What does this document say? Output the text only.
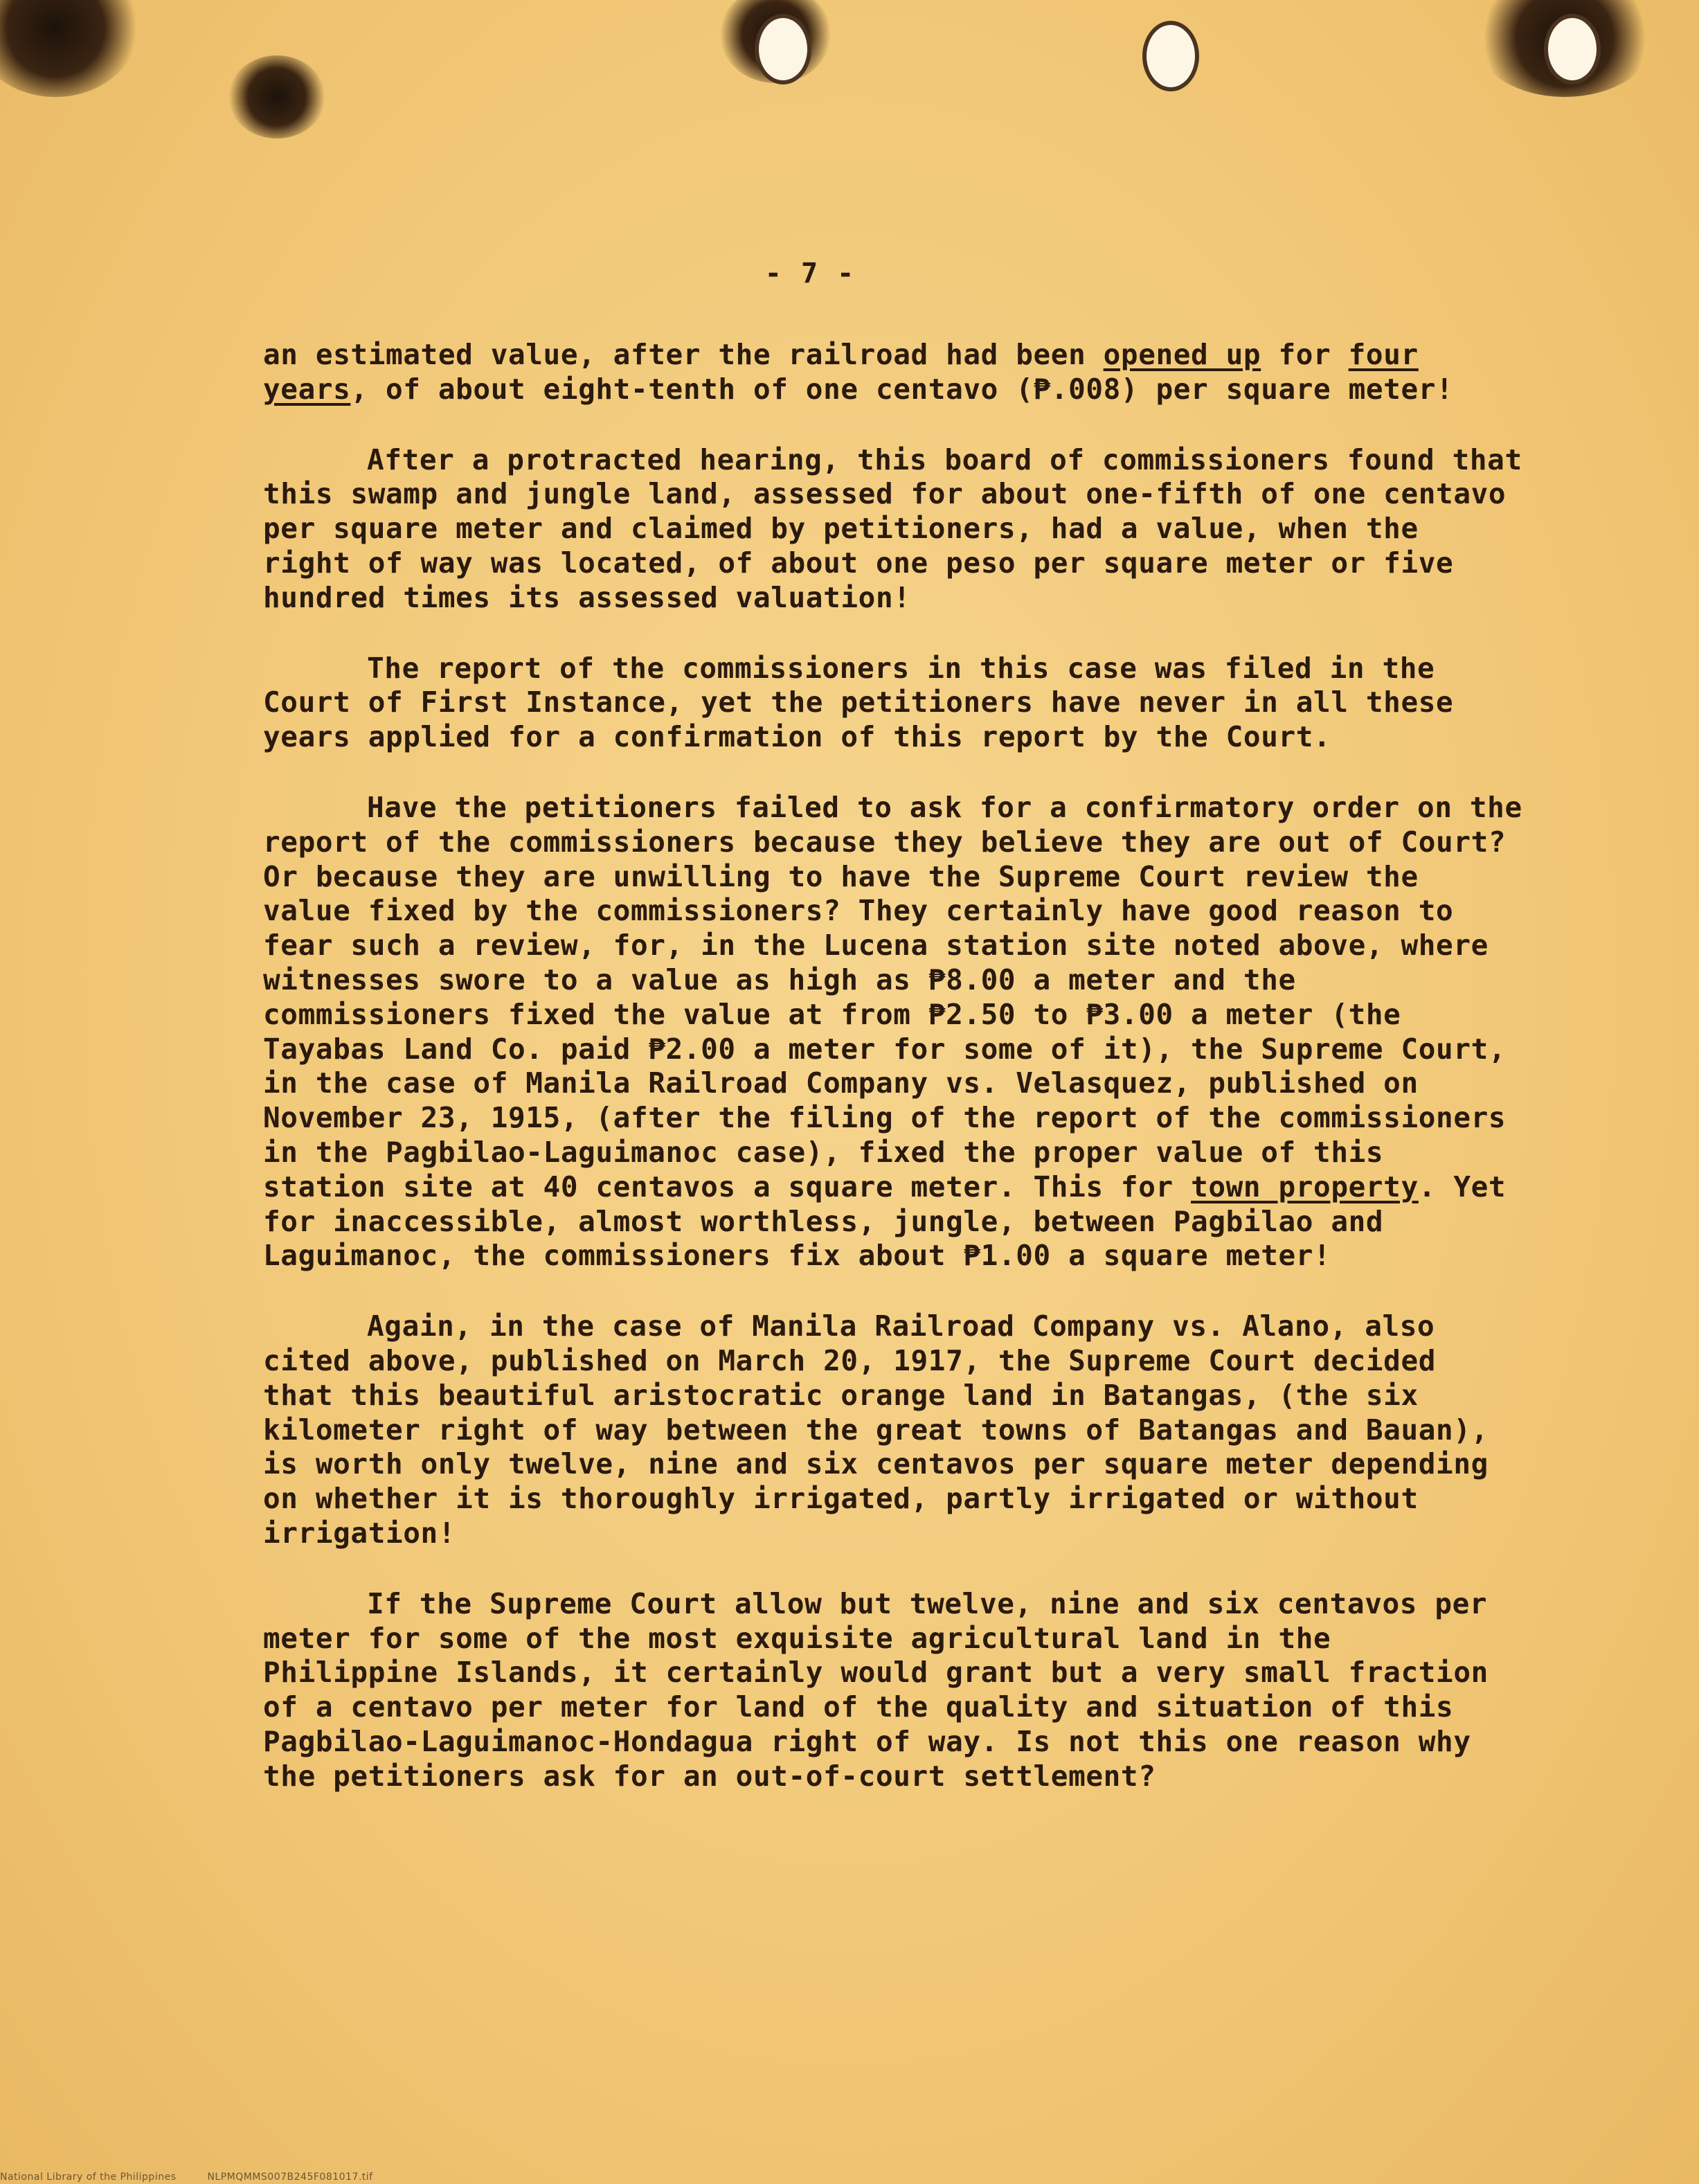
- 7 -

an estimated value, after the railroad had been opened up for four years, of about eight-tenth of one centavo (₱.008) per square meter!

After a protracted hearing, this board of commissioners found that this swamp and jungle land, assessed for about one-fifth of one centavo per square meter and claimed by petitioners, had a value, when the right of way was located, of about one peso per square meter or five hundred times its assessed valuation!

The report of the commissioners in this case was filed in the Court of First Instance, yet the petitioners have never in all these years applied for a confirmation of this report by the Court.

Have the petitioners failed to ask for a confirmatory order on the report of the commissioners because they believe they are out of Court? Or because they are unwilling to have the Supreme Court review the value fixed by the commissioners? They certainly have good reason to fear such a review, for, in the Lucena station site noted above, where witnesses swore to a value as high as ₱8.00 a meter and the commissioners fixed the value at from ₱2.50 to ₱3.00 a meter (the Tayabas Land Co. paid ₱2.00 a meter for some of it), the Supreme Court, in the case of Manila Railroad Company vs. Velasquez, published on November 23, 1915, (after the filing of the report of the commissioners in the Pagbilao-Laguimanoc case), fixed the proper value of this station site at 40 centavos a square meter. This for town property. Yet for inaccessible, almost worthless, jungle, between Pagbilao and Laguimanoc, the commissioners fix about ₱1.00 a square meter!

Again, in the case of Manila Railroad Company vs. Alano, also cited above, published on March 20, 1917, the Supreme Court decided that this beautiful aristocratic orange land in Batangas, (the six kilometer right of way between the great towns of Batangas and Bauan), is worth only twelve, nine and six centavos per square meter depending on whether it is thoroughly irrigated, partly irrigated or without irrigation!

If the Supreme Court allow but twelve, nine and six centavos per meter for some of the most exquisite agricultural land in the Philippine Islands, it certainly would grant but a very small fraction of a centavo per meter for land of the quality and situation of this Pagbilao-Laguimanoc-Hondagua right of way. Is not this one reason why the petitioners ask for an out-of-court settlement?

National Library of the Philippines	NLPMQMMS007B245F081017.tif
